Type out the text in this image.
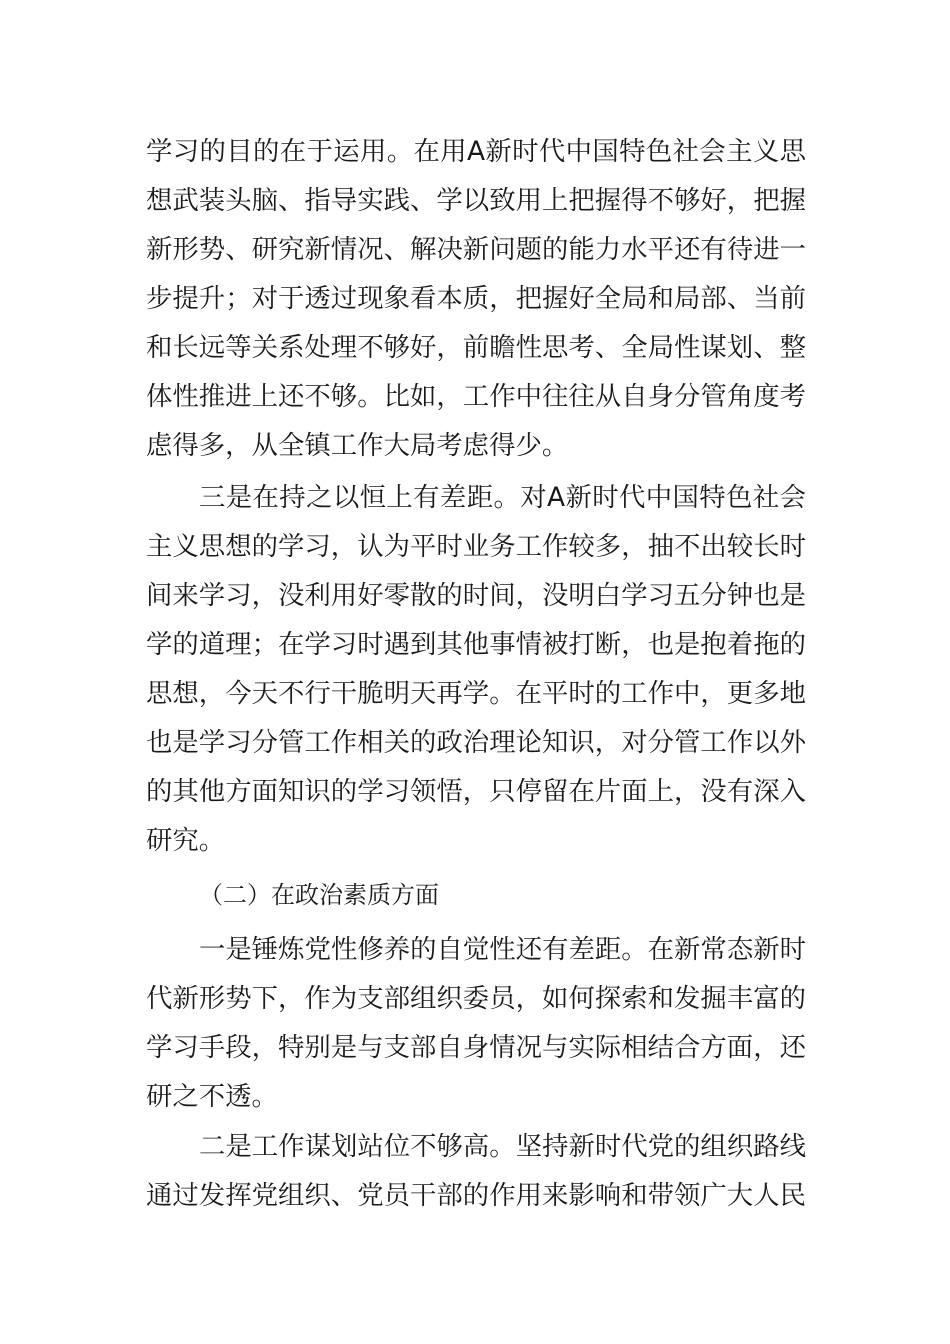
学习的目的在于运用。在用A新时代中国特色社会主义思
想武装头脑、指导实践、学以致用上把握得不够好，把握
新形势、研究新情况、解决新问题的能力水平还有待进一
步提升；对于透过现象看本质，把握好全局和局部、当前
和长远等关系处理不够好，前瞻性思考、全局性谋划、整
体性推进上还不够。比如，工作中往往从自身分管角度考
虑得多，从全镇工作大局考虑得少。
三是在持之以恒上有差距。对A新时代中国特色社会
主义思想的学习，认为平时业务工作较多，抽不出较长时
间来学习，没利用好零散的时间，没明白学习五分钟也是
学的道理；在学习时遇到其他事情被打断，也是抱着拖的
思想，今天不行干脆明天再学。在平时的工作中，更多地
也是学习分管工作相关的政治理论知识，对分管工作以外
的其他方面知识的学习领悟，只停留在片面上，没有深入
研究。
（二）在政治素质方面
一是锤炼党性修养的自觉性还有差距。在新常态新时
代新形势下，作为支部组织委员，如何探索和发掘丰富的
学习手段，特别是与支部自身情况与实际相结合方面，还
研之不透。
二是工作谋划站位不够高。坚持新时代党的组织路线
通过发挥党组织、党员干部的作用来影响和带领广大人民
